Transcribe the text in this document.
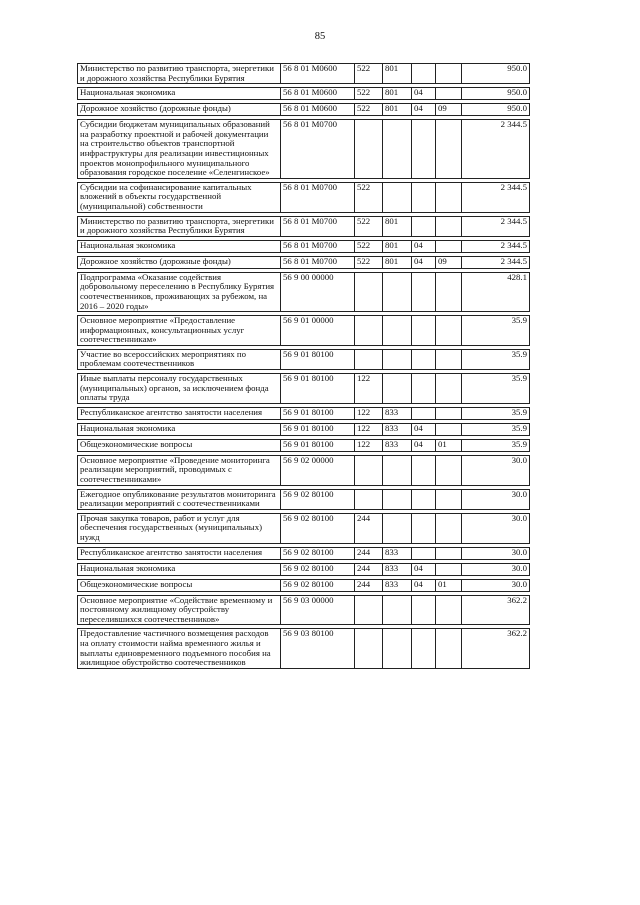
85
Министерство по развитию транспорта, энергетики и дорожного хозяйства Республики Бурятия	56 8 01 M0600	522	801			950.0

Национальная экономика	56 8 01 M0600	522	801	04		950.0

Дорожное хозяйство (дорожные фонды)	56 8 01 M0600	522	801	04	09	950.0

Субсидии бюджетам муниципальных образований на разработку проектной и рабочей документации на строительство объектов транспортной инфраструктуры для реализации инвестиционных проектов монопрофильного муниципального образования городское поселение «Селенгинское»	56 8 01 M0700					2 344.5

Субсидии на софинансирование капитальных вложений в объекты государственной (муниципальной) собственности	56 8 01 M0700	522				2 344.5

Министерство по развитию транспорта, энергетики и дорожного хозяйства Республики Бурятия	56 8 01 M0700	522	801			2 344.5

Национальная экономика	56 8 01 M0700	522	801	04		2 344.5

Дорожное хозяйство (дорожные фонды)	56 8 01 M0700	522	801	04	09	2 344.5

Подпрограмма «Оказание содействия добровольному переселению в Республику Бурятия соотечественников, проживающих за рубежом, на 2016 – 2020 годы»	56 9 00 00000					428.1

Основное мероприятие «Предоставление информационных, консультационных услуг соотечественникам»	56 9 01 00000					35.9

Участие во всероссийских мероприятиях по проблемам соотечественников	56 9 01 80100					35.9

Иные выплаты персоналу государственных (муниципальных) органов, за исключением фонда оплаты труда	56 9 01 80100	122				35.9

Республиканское агентство занятости населения	56 9 01 80100	122	833			35.9

Национальная экономика	56 9 01 80100	122	833	04		35.9

Общеэкономические вопросы	56 9 01 80100	122	833	04	01	35.9

Основное мероприятие «Проведение мониторинга реализации мероприятий, проводимых с соотечественниками»	56 9 02 00000					30.0

Ежегодное опубликование результатов мониторинга реализации мероприятий с соотечественниками	56 9 02 80100					30.0

Прочая закупка товаров, работ и услуг для обеспечения государственных (муниципальных) нужд	56 9 02 80100	244				30.0

Республиканское агентство занятости населения	56 9 02 80100	244	833			30.0

Национальная экономика	56 9 02 80100	244	833	04		30.0

Общеэкономические вопросы	56 9 02 80100	244	833	04	01	30.0

Основное мероприятие «Содействие временному и постоянному жилищному обустройству переселившихся соотечественников»	56 9 03 00000					362.2

Предоставление частичного возмещения расходов на оплату стоимости найма временного жилья и выплаты единовременного подъемного пособия на жилищное обустройство соотечественников	56 9 03 80100					362.2
